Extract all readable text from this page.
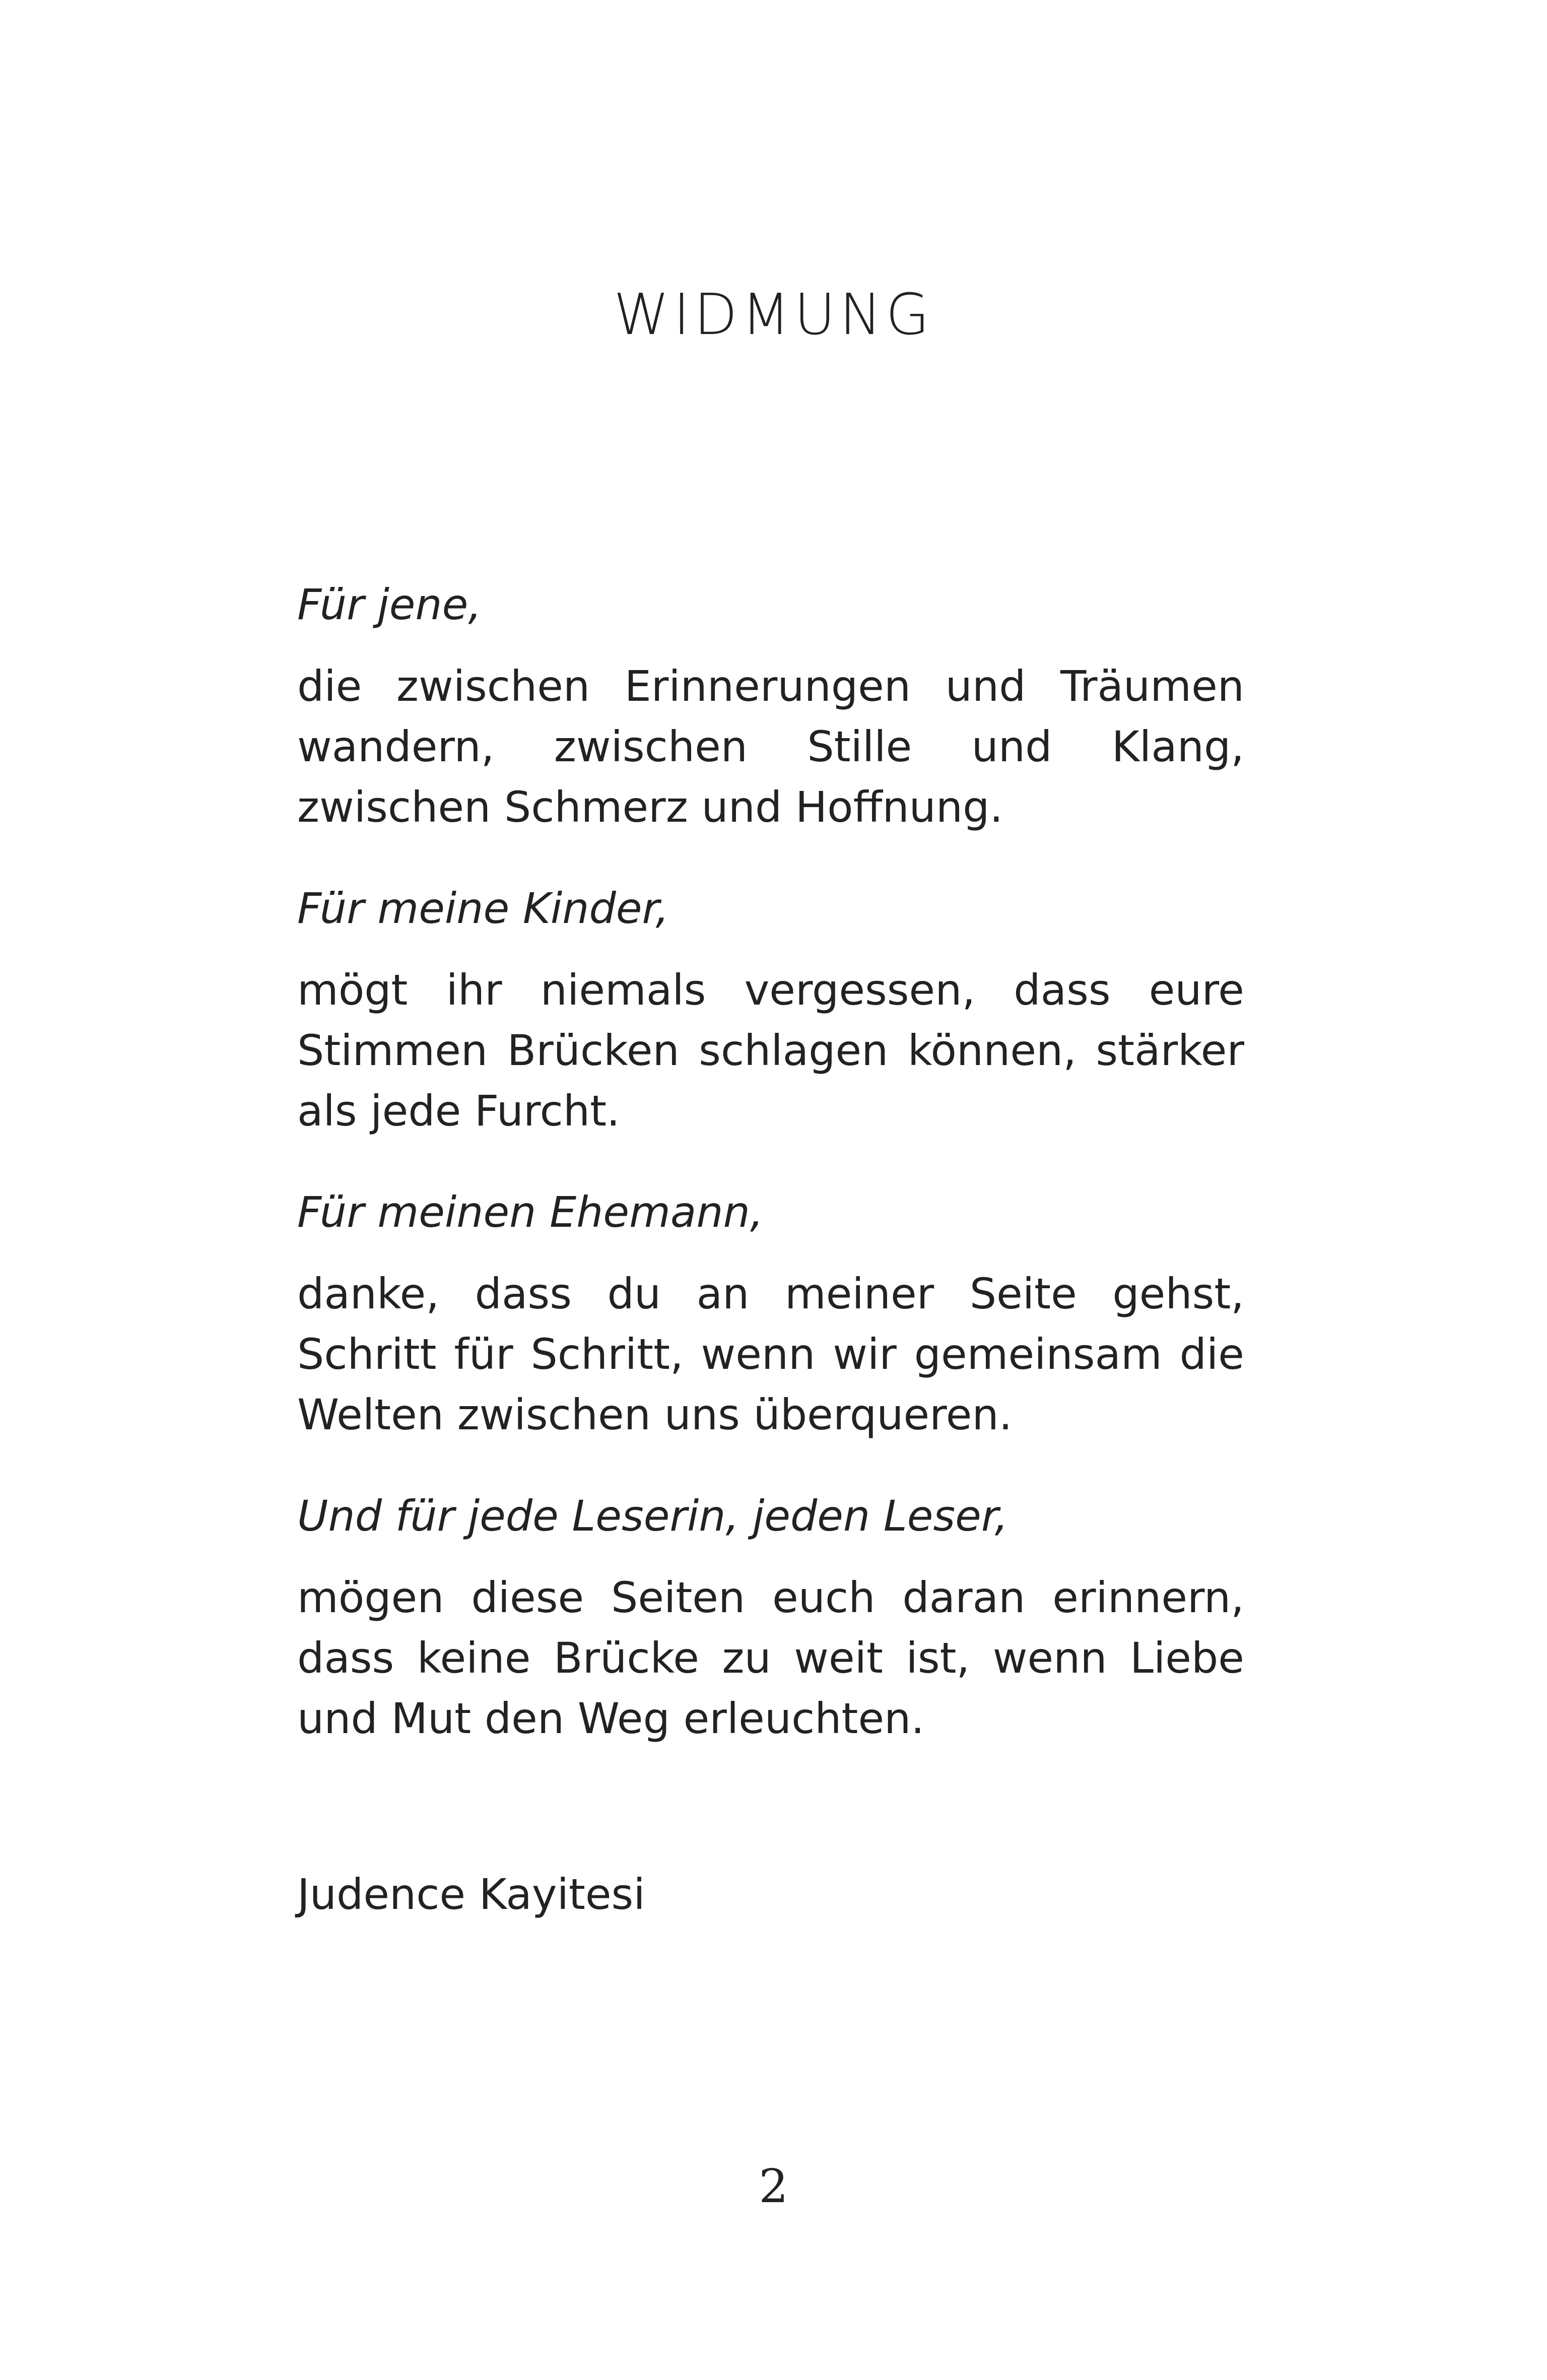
WIDMUNG

Für jene,

die zwischen Erinnerungen und Träumen wandern, zwischen Stille und Klang, zwischen Schmerz und Hoffnung.

Für meine Kinder,

mögt ihr niemals vergessen, dass eure Stimmen Brücken schlagen können, stärker als jede Furcht.

Für meinen Ehemann,

danke, dass du an meiner Seite gehst, Schritt für Schritt, wenn wir gemeinsam die Welten zwischen uns überqueren.

Und für jede Leserin, jeden Leser,

mögen diese Seiten euch daran erinnern, dass keine Brücke zu weit ist, wenn Liebe und Mut den Weg erleuchten.

Judence Kayitesi

2
